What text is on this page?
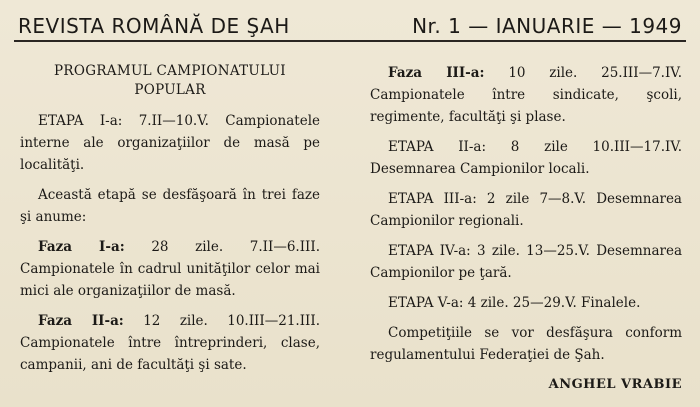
REVISTA ROMÂNĂ DE ŞAH	Nr. 1 — IANUARIE — 1949
PROGRAMUL CAMPIONATULUI
POPULAR

ETAPA I-a: 7.II—10.V. Campionatele interne ale organizaţiilor de masă pe localităţi.

Această etapă se desfăşoară în trei faze şi anume:

Faza I-a: 28 zile. 7.II—6.III. Campionatele în cadrul unităţilor celor mai mici ale organizaţiilor de masă.

Faza II-a: 12 zile. 10.III—21.III. Campionatele între întreprinderi, clase, campanii, ani de facultăţi şi sate.

Faza III-a: 10 zile. 25.III—7.IV. Campionatele între sindicate, şcoli, regimente, facultăţi şi plase.

ETAPA II-a: 8 zile 10.III—17.IV. Desemnarea Campionilor locali.

ETAPA III-a: 2 zile 7—8.V. Desemnarea Campionilor regionali.

ETAPA IV-a: 3 zile. 13—25.V. Desemnarea Campionilor pe ţară.

ETAPA V-a: 4 zile. 25—29.V. Finalele.

Competiţiile se vor desfăşura conform regulamentului Federaţiei de Şah.

ANGHEL VRABIE
